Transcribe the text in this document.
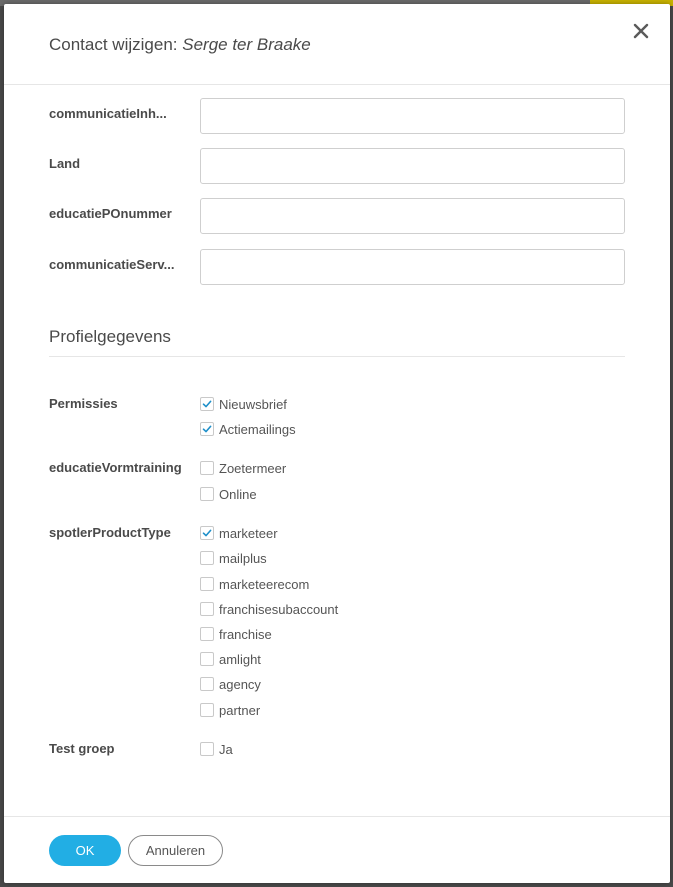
Contact wijzigen: Serge ter Braake
communicatieInh...
Land
educatiePOnummer
communicatieServ...
Profielgegevens
Permissies	Nieuwsbrief
Actiemailings
educatieVormtraining	Zoetermeer
Online
spotlerProductType	marketeer
mailplus
marketeerecom
franchisesubaccount
franchise
amlight
agency
partner
Test groep	Ja
OK	Annuleren
